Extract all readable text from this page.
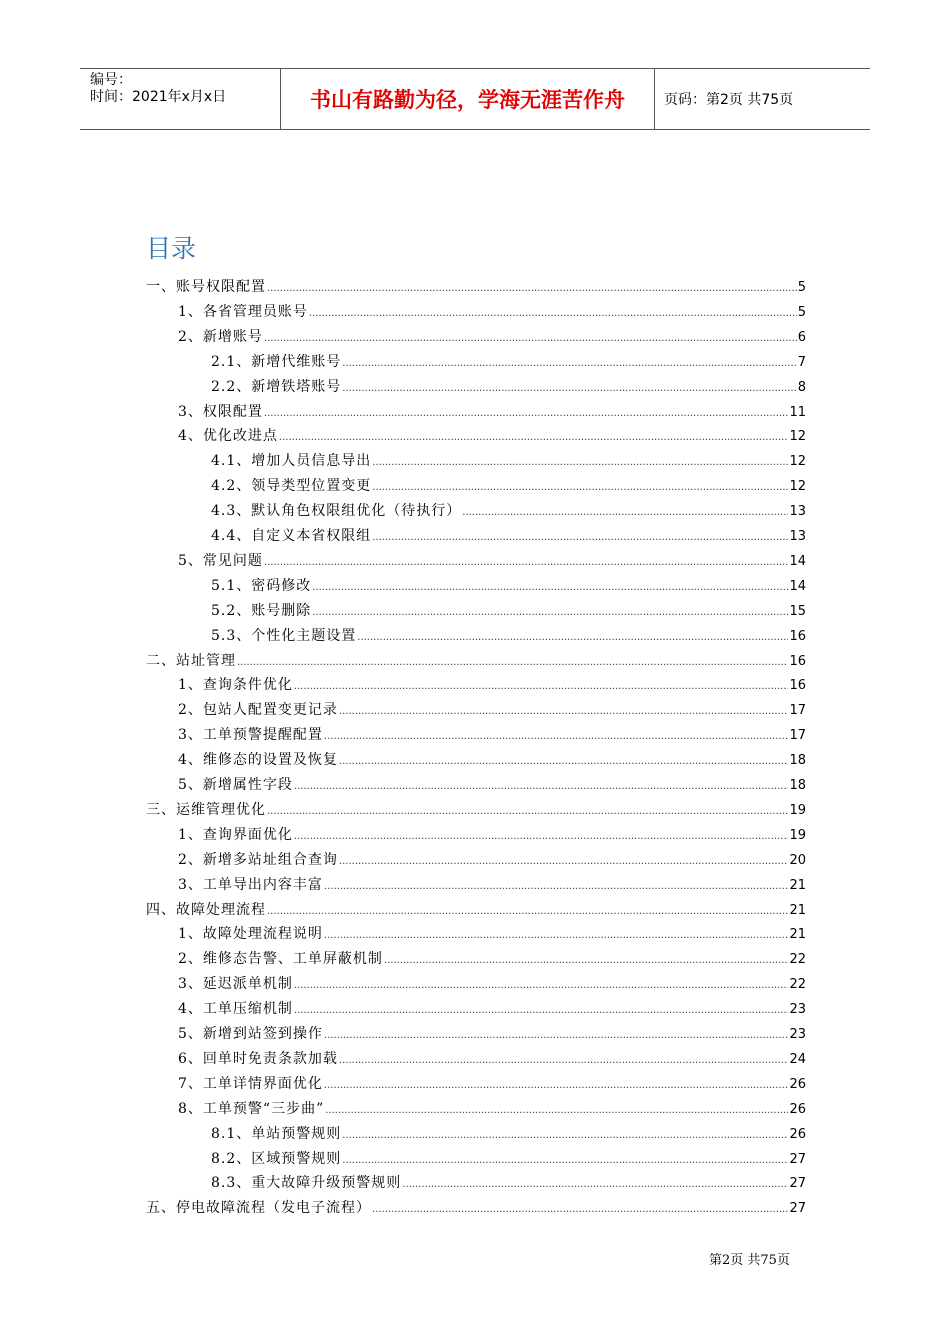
编号：
时间：2021年x月x日	书山有路勤为径，学海无涯苦作舟	页码：第2页 共75页
目录
一、账号权限配置 .....	5
1、各省管理员账号 .....	5
2、新增账号 .....	6
2.1、新增代维账号 .....	7
2.2、新增铁塔账号 .....	8
3、权限配置 .....	11
4、优化改进点 .....	12
4.1、增加人员信息导出 .....	12
4.2、领导类型位置变更 .....	12
4.3、默认角色权限组优化（待执行） .....	13
4.4、自定义本省权限组 .....	13
5、常见问题 .....	14
5.1、密码修改 .....	14
5.2、账号删除 .....	15
5.3、个性化主题设置 .....	16
二、站址管理 .....	16
1、查询条件优化 .....	16
2、包站人配置变更记录 .....	17
3、工单预警提醒配置 .....	17
4、维修态的设置及恢复 .....	18
5、新增属性字段 .....	18
三、运维管理优化 .....	19
1、查询界面优化 .....	19
2、新增多站址组合查询 .....	20
3、工单导出内容丰富 .....	21
四、故障处理流程 .....	21
1、故障处理流程说明 .....	21
2、维修态告警、工单屏蔽机制 .....	22
3、延迟派单机制 .....	22
4、工单压缩机制 .....	23
5、新增到站签到操作 .....	23
6、回单时免责条款加载 .....	24
7、工单详情界面优化 .....	26
8、工单预警“三步曲” .....	26
8.1、单站预警规则 .....	26
8.2、区域预警规则 .....	27
8.3、重大故障升级预警规则 .....	27
五、停电故障流程（发电子流程） .....	27
第2页 共75页
